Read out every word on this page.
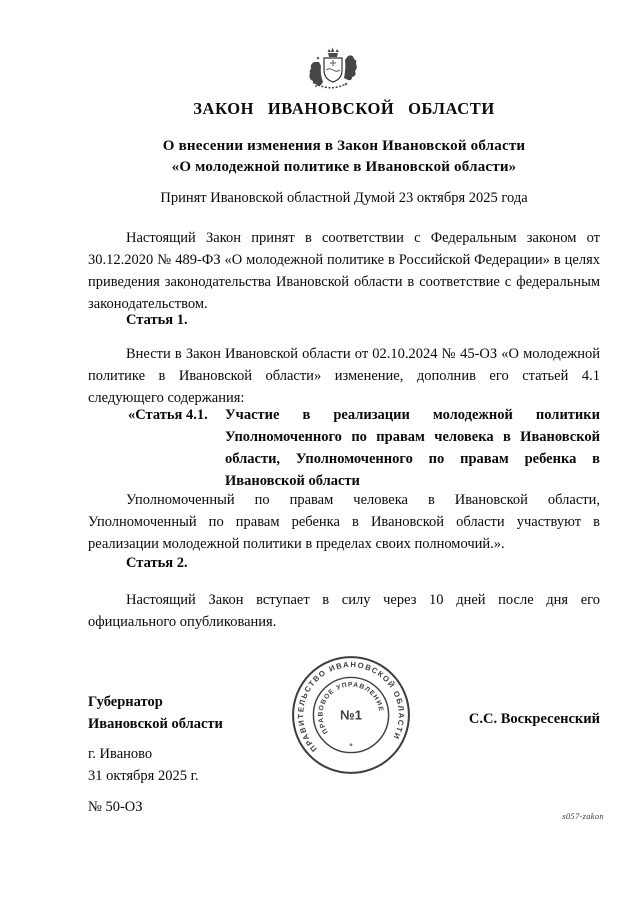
ЗАКОН ИВАНОВСКОЙ ОБЛАСТИ
О внесении изменения в Закон Ивановской области
«О молодежной политике в Ивановской области»
Принят Ивановской областной Думой 23 октября 2025 года

Настоящий Закон принят в соответствии с Федеральным законом от 30.12.2020 № 489-ФЗ «О молодежной политике в Российской Федерации» в целях приведения законодательства Ивановской области в соответствие с федеральным законодательством.

Статья 1.

Внести в Закон Ивановской области от 02.10.2024 № 45-ОЗ «О молодежной политике в Ивановской области» изменение, дополнив его статьей 4.1 следующего содержания:

«Статья 4.1. Участие в реализации молодежной политики Уполномоченного по правам человека в Ивановской области, Уполномоченного по правам ребенка в Ивановской области

Уполномоченный по правам человека в Ивановской области, Уполномоченный по правам ребенка в Ивановской области участвуют в реализации молодежной политики в пределах своих полномочий.».

Статья 2.

Настоящий Закон вступает в силу через 10 дней после дня его официального опубликования.

Губернатор
Ивановской области
ПРАВИТЕЛЬСТВО ИВАНОВСКОЙ ОБЛАСТИ
ПРАВОВОЕ УПРАВЛЕНИЕ
№1
*
С.С. Воскресенский
г. Иваново
31 октября 2025 г.
№ 50-ОЗ
s057-zakon
